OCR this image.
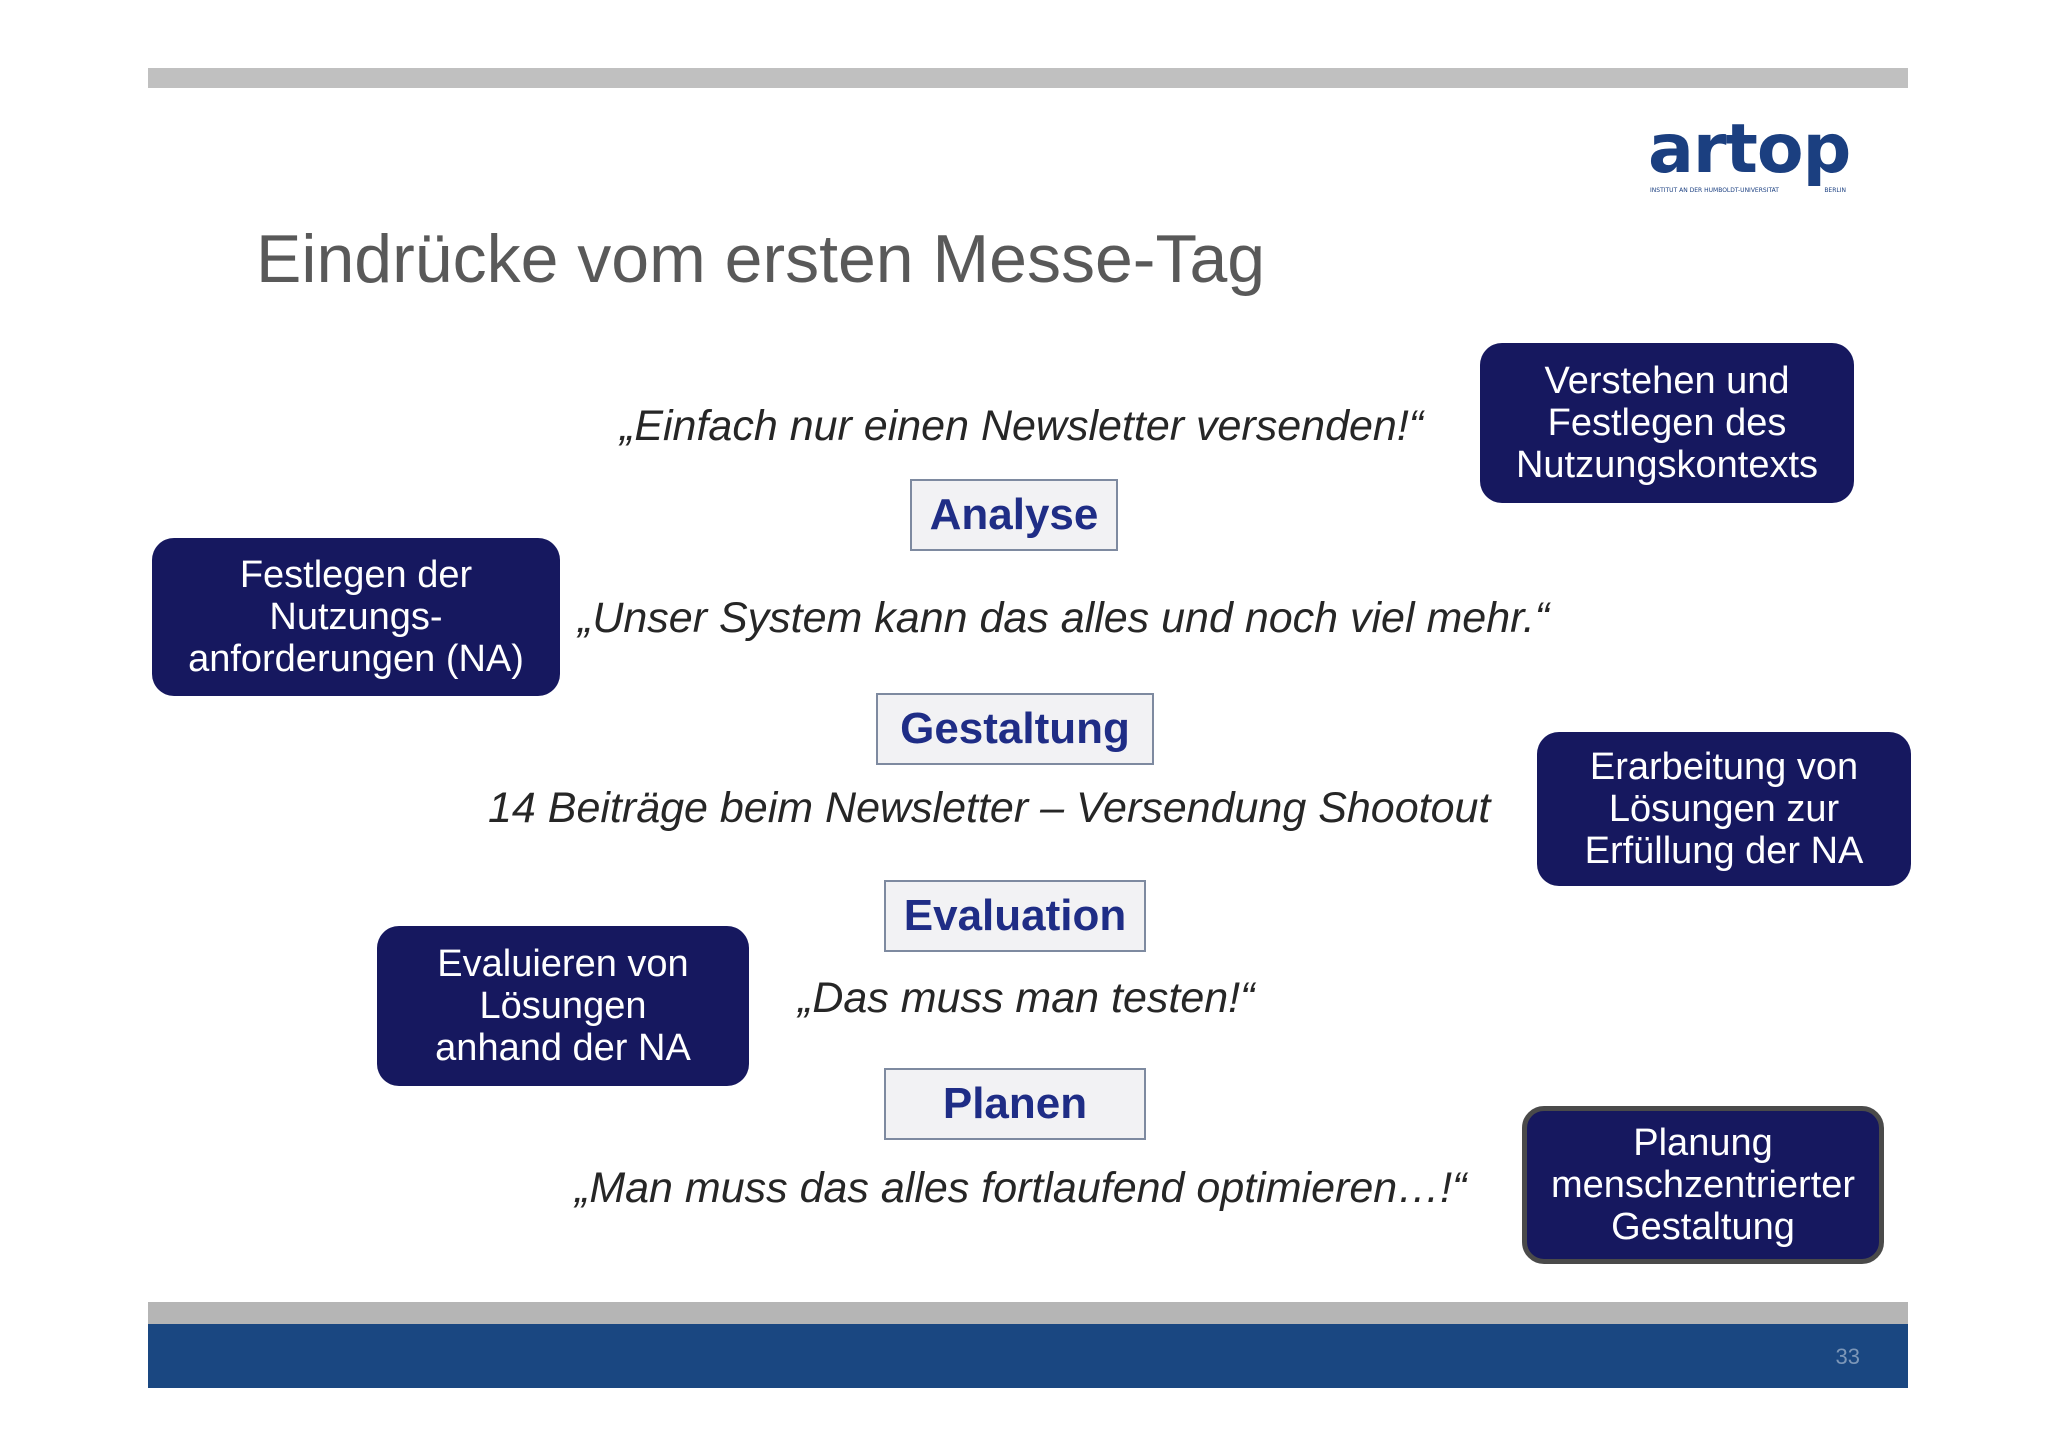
artop
INSTITUT AN DER HUMBOLDT-UNIVERSITÄT	BERLIN
Eindrücke vom ersten Messe-Tag
„Einfach nur einen Newsletter versenden!“
Verstehen und
Festlegen des
Nutzungskontexts
Analyse
Festlegen der
Nutzungs-
anforderungen (NA)
„Unser System kann das alles und noch viel mehr.“
Gestaltung
14 Beiträge beim Newsletter – Versendung Shootout
Erarbeitung von
Lösungen zur
Erfüllung der NA
Evaluation
Evaluieren von
Lösungen
anhand der NA
„Das muss man testen!“
Planen
„Man muss das alles fortlaufend optimieren…!“
Planung
menschzentrierter
Gestaltung
33
